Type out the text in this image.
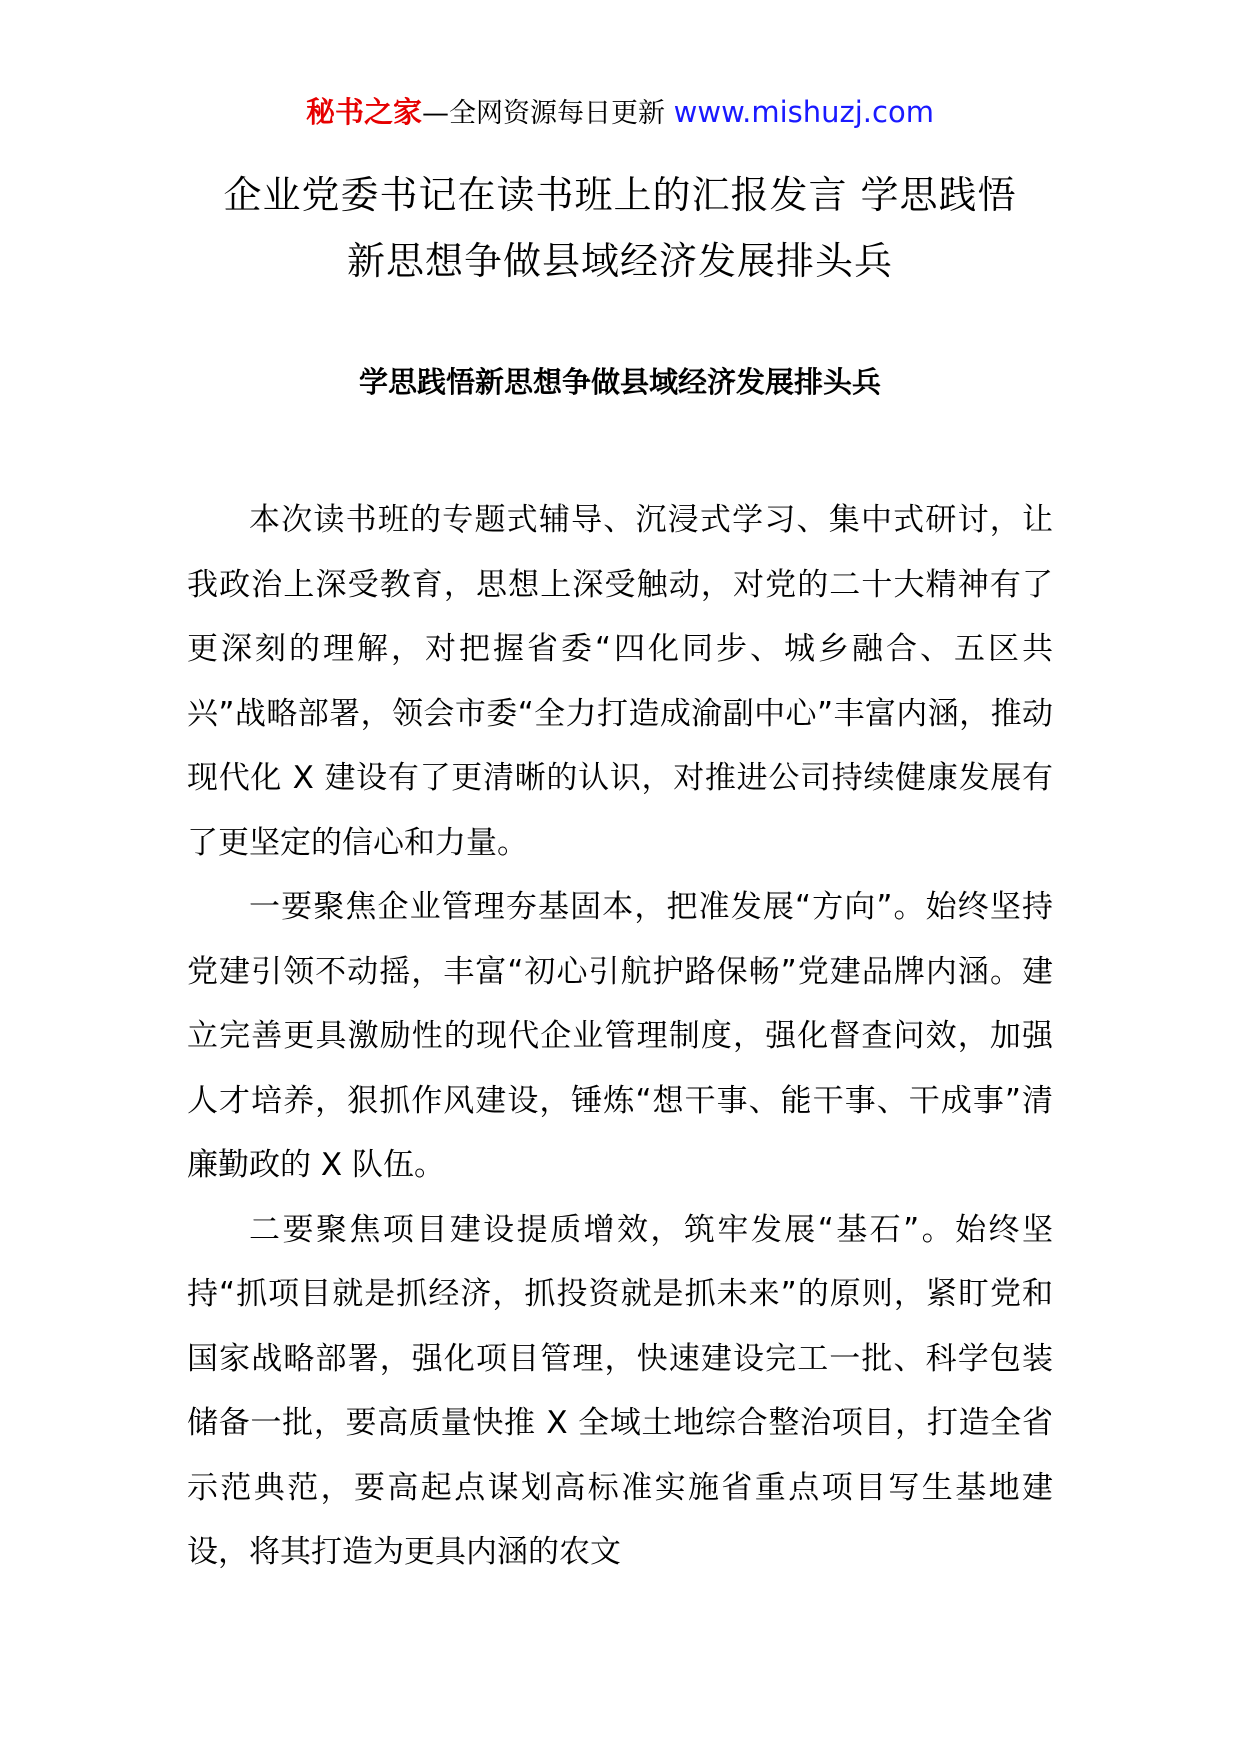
秘书之家—全网资源每日更新 www.mishuzj.com
企业党委书记在读书班上的汇报发言 学思践悟
新思想争做县域经济发展排头兵
学思践悟新思想争做县域经济发展排头兵

本次读书班的专题式辅导、沉浸式学习、集中式研讨，让我政治上深受教育，思想上深受触动，对党的二十大精神有了更深刻的理解，对把握省委“四化同步、城乡融合、五区共兴”战略部署，领会市委“全力打造成渝副中心”丰富内涵，推动现代化 X 建设有了更清晰的认识，对推进公司持续健康发展有了更坚定的信心和力量。

一要聚焦企业管理夯基固本，把准发展“方向”。始终坚持党建引领不动摇，丰富“初心引航护路保畅”党建品牌内涵。建立完善更具激励性的现代企业管理制度，强化督查问效，加强人才培养，狠抓作风建设，锤炼“想干事、能干事、干成事”清廉勤政的 X 队伍。

二要聚焦项目建设提质增效，筑牢发展“基石”。始终坚持“抓项目就是抓经济，抓投资就是抓未来”的原则，紧盯党和国家战略部署，强化项目管理，快速建设完工一批、科学包装储备一批，要高质量快推 X 全域土地综合整治项目，打造全省示范典范，要高起点谋划高标准实施省重点项目写生基地建设，将其打造为更具内涵的农文
